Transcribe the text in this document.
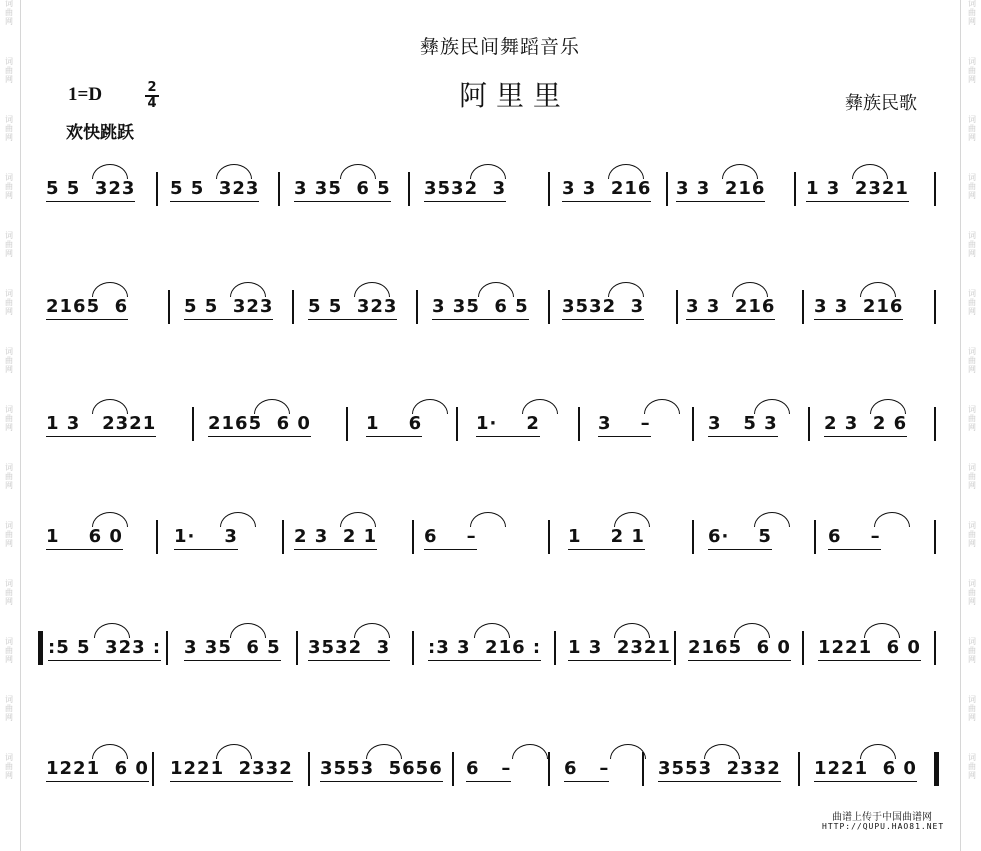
词
曲
网
词
曲
网
词
曲
网
词
曲
网
词
曲
网
词
曲
网
词
曲
网
词
曲
网
词
曲
网
词
曲
网
词
曲
网
词
曲
网
词
曲
网
词
曲
网
词
曲
网
词
曲
网
词
曲
网
词
曲
网
词
曲
网
词
曲
网
词
曲
网
词
曲
网
词
曲
网
词
曲
网
词
曲
网
词
曲
网
词
曲
网
词
曲
网
彝族民间舞蹈音乐
阿 里 里
1=D	2
4
欢快跳跃
彝族民歌
5 5  323 5 5  323 3 35  6 5 3532  3	3 3  216 3 3  216 1 3  2321
2165  6	5 5  323 5 5  323 3 35  6 5 3532  3 3 3  216 3 3  216
1 3   2321	2165  6 0	1    6	1·    2	3    –	3   5 3	2 3  2 6
1    6 0	1·    3	2 3  2 1	6    –	1    2 1	6·    5	6    –
:5 5  323 : 3 35  6 5 3532  3 :3 3  216 : 1 3  2321 2165  6 0 1221  6 0
1221  6 0 1221  2332 3553  5656 6   –	6   –	3553  2332 1221  6 0
曲谱上传于中国曲谱网
HTTP://QUPU.HAO81.NET
